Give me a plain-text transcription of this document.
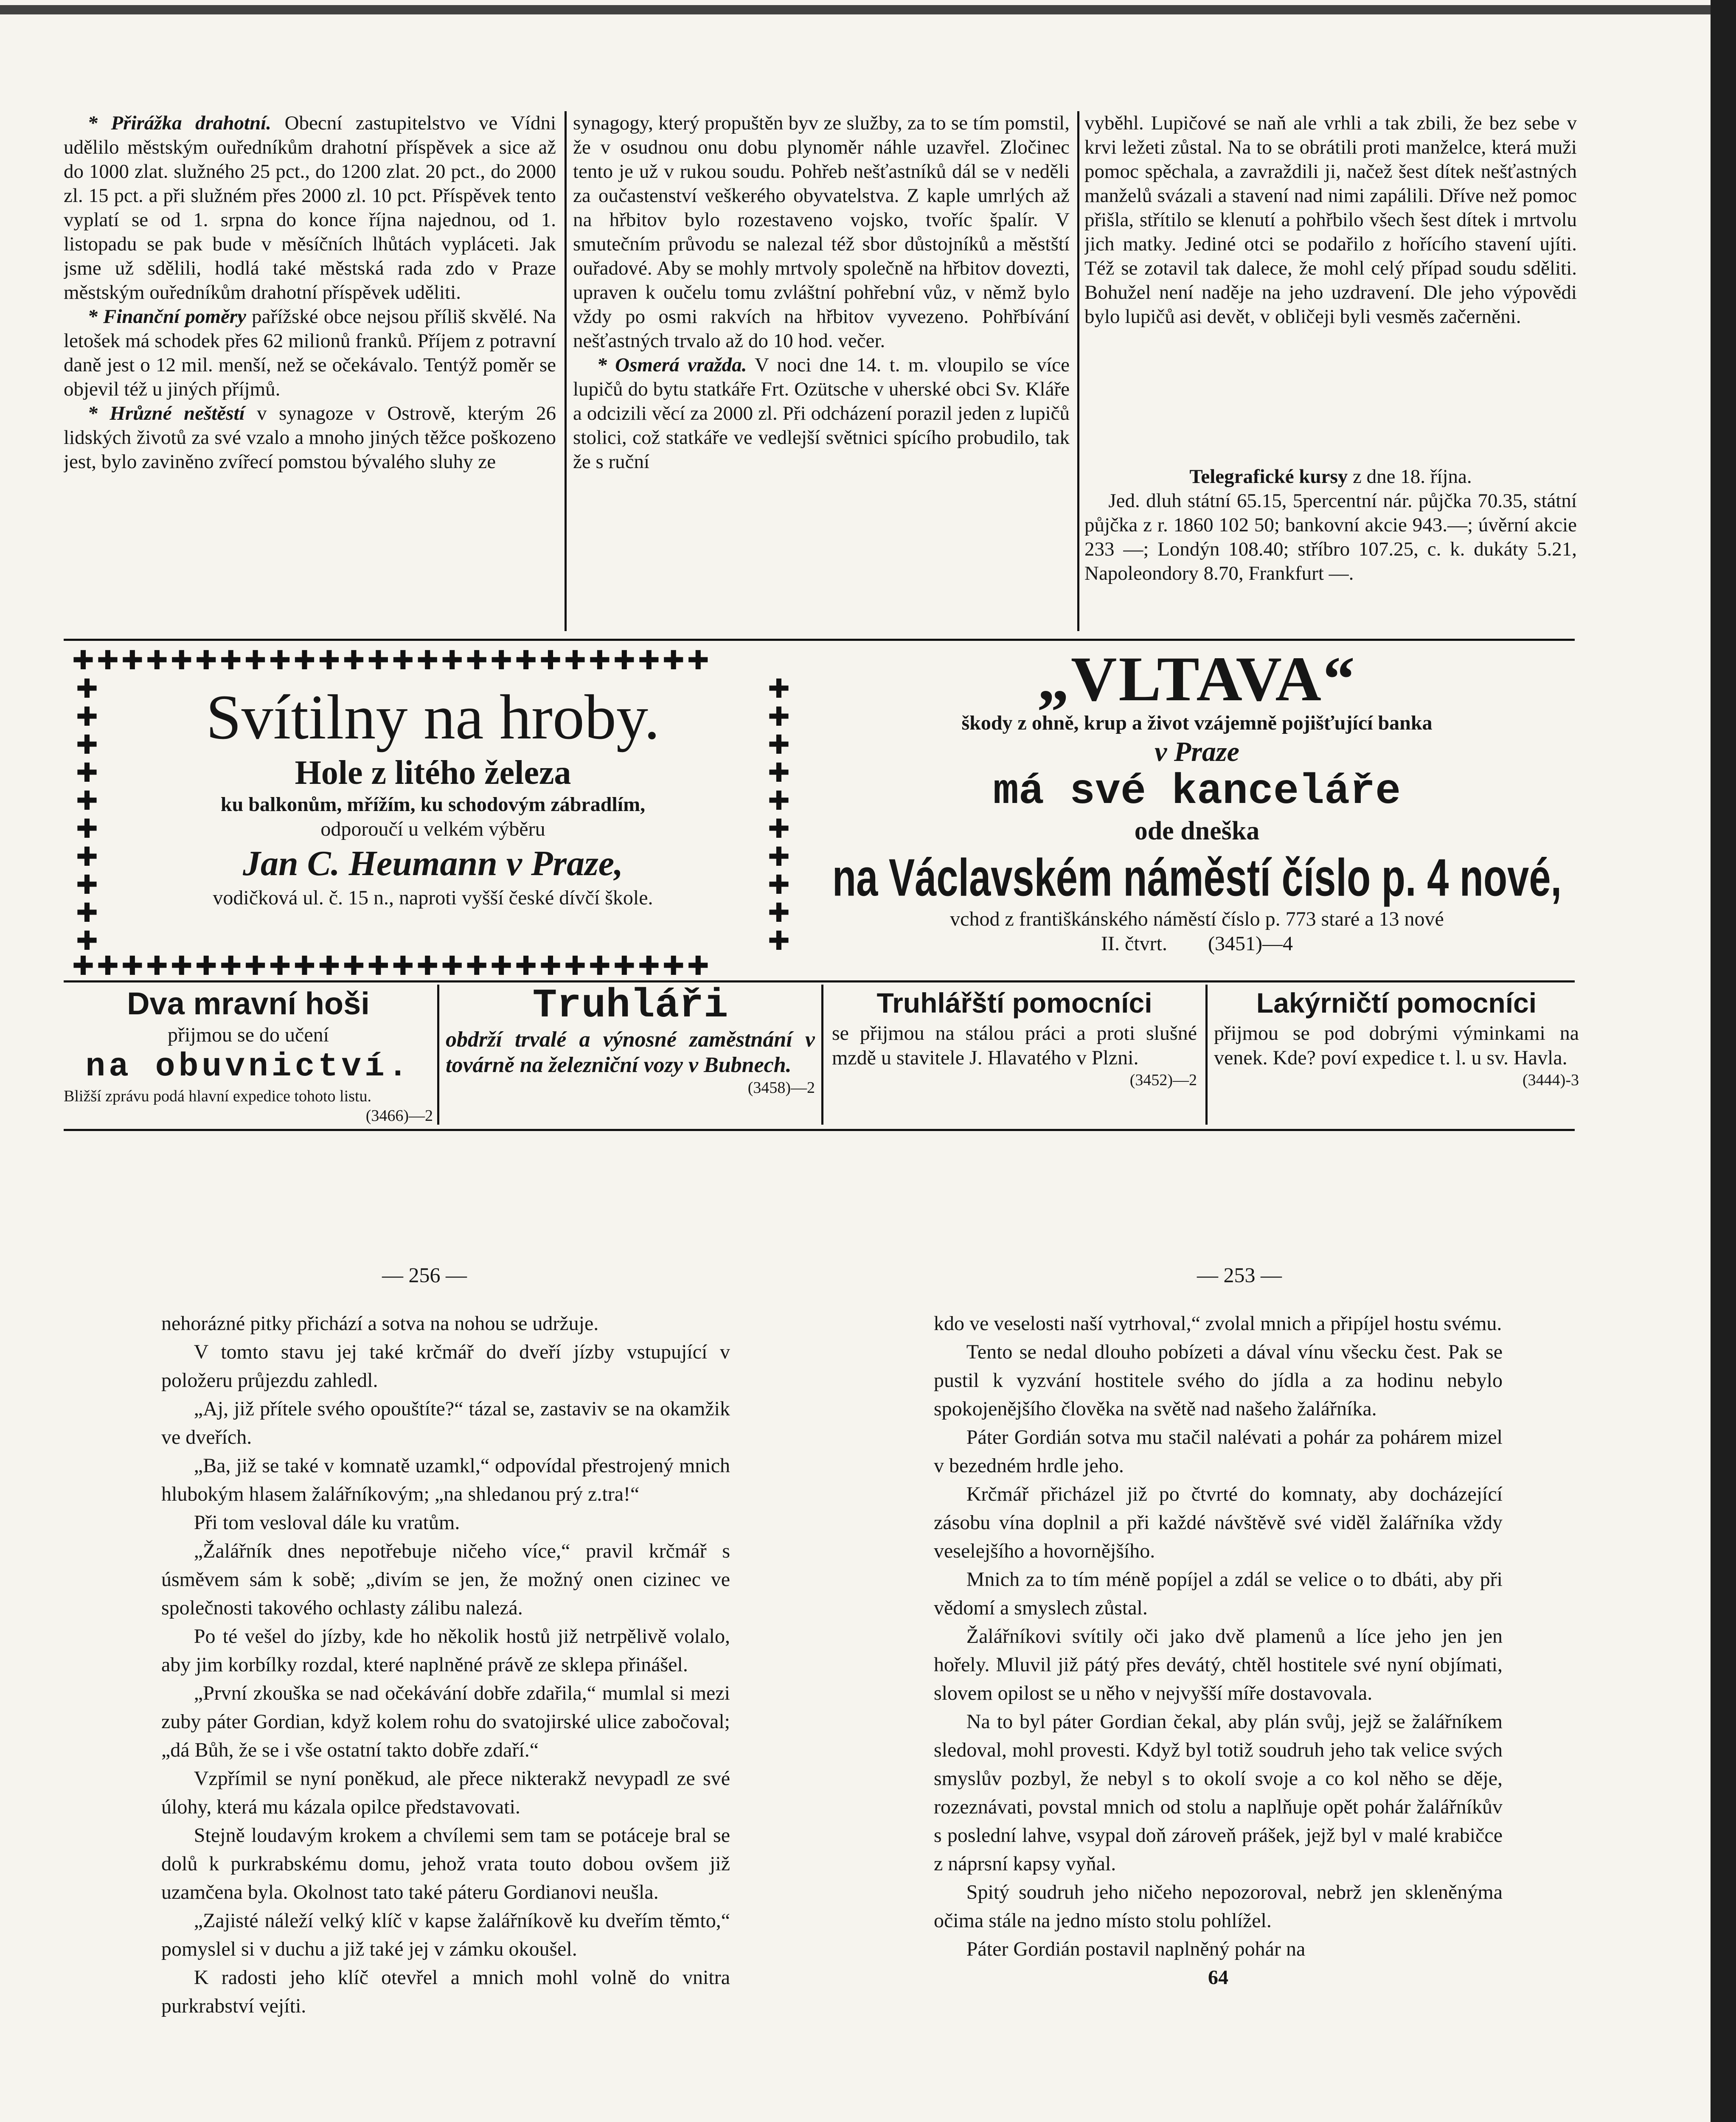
* Přirážka drahotní. Obecní zastupitelstvo ve Vídni udělilo městským ouředníkům drahotní příspěvek a sice až do 1000 zlat. služného 25 pct., do 1200 zlat. 20 pct., do 2000 zl. 15 pct. a při služném přes 2000 zl. 10 pct. Příspěvek tento vyplatí se od 1. srpna do konce října najednou, od 1. listopadu se pak bude v měsíčních lhůtách vypláceti. Jak jsme už sdělili, hodlá také městská rada zdo v Praze městským ouředníkům drahotní příspěvek uděliti.

* Finanční poměry pařížské obce nejsou příliš skvělé. Na letošek má schodek přes 62 milionů franků. Příjem z potravní daně jest o 12 mil. menší, než se očekávalo. Tentýž poměr se objevil též u jiných příjmů.

* Hrůzné neštěstí v synagoze v Ostrově, kterým 26 lidských životů za své vzalo a mnoho jiných těžce poškozeno jest, bylo zaviněno zvířecí pomstou bývalého sluhy ze

synagogy, který propuštěn byv ze služby, za to se tím pomstil, že v osudnou onu dobu plynoměr náhle uzavřel. Zločinec tento je už v rukou soudu. Pohřeb nešťastníků dál se v neděli za oučastenství veškerého obyvatelstva. Z kaple umrlých až na hřbitov bylo rozestaveno vojsko, tvoříc špalír. V smutečním průvodu se nalezal též sbor důstojníků a městští ouřadové. Aby se mohly mrtvoly společně na hřbitov dovezti, upraven k oučelu tomu zvláštní pohřební vůz, v němž bylo vždy po osmi rakvích na hřbitov vyvezeno. Pohřbívání nešťastných trvalo až do 10 hod. večer.

* Osmerá vražda. V noci dne 14. t. m. vloupilo se více lupičů do bytu statkáře Frt. Ozütsche v uherské obci Sv. Kláře a odcizili věcí za 2000 zl. Při odcházení porazil jeden z lupičů stolici, což statkáře ve vedlejší světnici spícího probudilo, tak že s ruční

vyběhl. Lupičové se naň ale vrhli a tak zbili, že bez sebe v krvi ležeti zůstal. Na to se obrátili proti manželce, která muži pomoc spěchala, a zavraždili ji, načež šest dítek nešťastných manželů svázali a stavení nad nimi zapálili. Dříve než pomoc přišla, střítilo se klenutí a pohřbilo všech šest dítek i mrtvolu jich matky. Jediné otci se podařilo z hořícího stavení ujíti. Též se zotavil tak dalece, že mohl celý případ soudu sděliti. Bohužel není naděje na jeho uzdravení. Dle jeho výpovědi bylo lupičů asi devět, v obličeji byli vesměs začerněni.

Telegrafické kursy z dne 18. října.

Jed. dluh státní 65.15, 5percentní nár. půjčka 70.35, státní půjčka z r. 1860 102 50; bankovní akcie 943.—; úvěrní akcie 233 —; Londýn 108.40; stříbro 107.25, c. k. dukáty 5.21, Napoleondory 8.70, Frankfurt —.

✚✚✚✚✚✚✚✚✚✚✚✚✚✚✚✚✚✚✚✚✚✚✚✚✚✚
✚
✚
✚
✚
✚
✚
✚
✚
✚
✚
✚
✚
✚
✚
✚
✚
✚
✚
✚
✚
✚✚✚✚✚✚✚✚✚✚✚✚✚✚✚✚✚✚✚✚✚✚✚✚✚✚
Svítilny na hroby.
Hole z litého železa
ku balkonům, mřížím, ku schodovým zábradlím,
odporoučí u velkém výběru
Jan C. Heumann v Praze,
vodičková ul. č. 15 n., naproti vyšší české dívčí škole.
„VLTAVA“
škody z ohně, krup a život vzájemně pojišťující banka
v Praze
má své kanceláře
ode dneška
na Václavském náměstí číslo p. 4 nové,
vchod z františkánského náměstí číslo p. 773 staré a 13 nové
II. čtvrt. (3451)—4
Dva mravní hoši
přijmou se do učení
na obuvnictví.
Bližší zprávu podá hlavní expedice tohoto listu.
(3466)—2
Truhláři
obdrží trvalé a výnosné zaměstnání v továrně na železniční vozy v Bubnech.
(3458)—2
Truhlářští pomocníci
se přijmou na stálou práci a proti slušné mzdě u stavitele J. Hlavatého v Plzni.
(3452)—2
Lakýrničtí pomocníci
přijmou se pod dobrými výminkami na venek. Kde? poví expedice t. l. u sv. Havla.
(3444)-3
— 256 —	— 253 —

nehorázné pitky přichází a sotva na nohou se udržuje.

V tomto stavu jej také krčmář do dveří jízby vstupující v položeru průjezdu zahledl.

„Aj, již přítele svého opouštíte?“ tázal se, zastaviv se na okamžik ve dveřích.

„Ba, již se také v komnatě uzamkl,“ odpovídal přestrojený mnich hlubokým hlasem žalářníkovým; „na shledanou prý z.tra!“

Při tom vesloval dále ku vratům.

„Žalářník dnes nepotřebuje ničeho více,“ pravil krčmář s úsměvem sám k sobě; „divím se jen, že možný onen cizinec ve společnosti takového ochlasty zálibu nalezá.

Po té vešel do jízby, kde ho několik hostů již netrpělivě volalo, aby jim korbílky rozdal, které naplněné právě ze sklepa přinášel.

„První zkouška se nad očekávání dobře zdařila,“ mumlal si mezi zuby páter Gordian, když kolem rohu do svatojirské ulice zabočoval; „dá Bůh, že se i vše ostatní takto dobře zdaří.“

Vzpřímil se nyní poněkud, ale přece nikterakž nevypadl ze své úlohy, která mu kázala opilce představovati.

Stejně loudavým krokem a chvílemi sem tam se potáceje bral se dolů k purkrabskému domu, jehož vrata touto dobou ovšem již uzamčena byla. Okolnost tato také páteru Gordianovi neušla.

„Zajisté náleží velký klíč v kapse žalářníkově ku dveřím těmto,“ pomyslel si v duchu a již také jej v zámku okoušel.

K radosti jeho klíč otevřel a mnich mohl volně do vnitra purkrabství vejíti.

kdo ve veselosti naší vytrhoval,“ zvolal mnich a připíjel hostu svému.

Tento se nedal dlouho pobízeti a dával vínu všecku čest. Pak se pustil k vyzvání hostitele svého do jídla a za hodinu nebylo spokojenějšího člověka na světě nad našeho žalářníka.

Páter Gordián sotva mu stačil nalévati a pohár za pohárem mizel v bezedném hrdle jeho.

Krčmář přicházel již po čtvrté do komnaty, aby docházející zásobu vína doplnil a při každé návštěvě své viděl žalářníka vždy veselejšího a hovornějšího.

Mnich za to tím méně popíjel a zdál se velice o to dbáti, aby při vědomí a smyslech zůstal.

Žalářníkovi svítily oči jako dvě plamenů a líce jeho jen jen hořely. Mluvil již pátý přes devátý, chtěl hostitele své nyní objímati, slovem opilost se u něho v nejvyšší míře dostavovala.

Na to byl páter Gordian čekal, aby plán svůj, jejž se žalářníkem sledoval, mohl provesti. Když byl totiž soudruh jeho tak velice svých smyslův pozbyl, že nebyl s to okolí svoje a co kol něho se děje, rozeznávati, povstal mnich od stolu a naplňuje opět pohár žalářníkův s poslední lahve, vsypal doň zároveň prášek, jejž byl v malé krabičce z náprsní kapsy vyňal.

Spitý soudruh jeho ničeho nepozoroval, nebrž jen skleněnýma očima stále na jedno místo stolu pohlížel.

Páter Gordián postavil naplněný pohár na

64
